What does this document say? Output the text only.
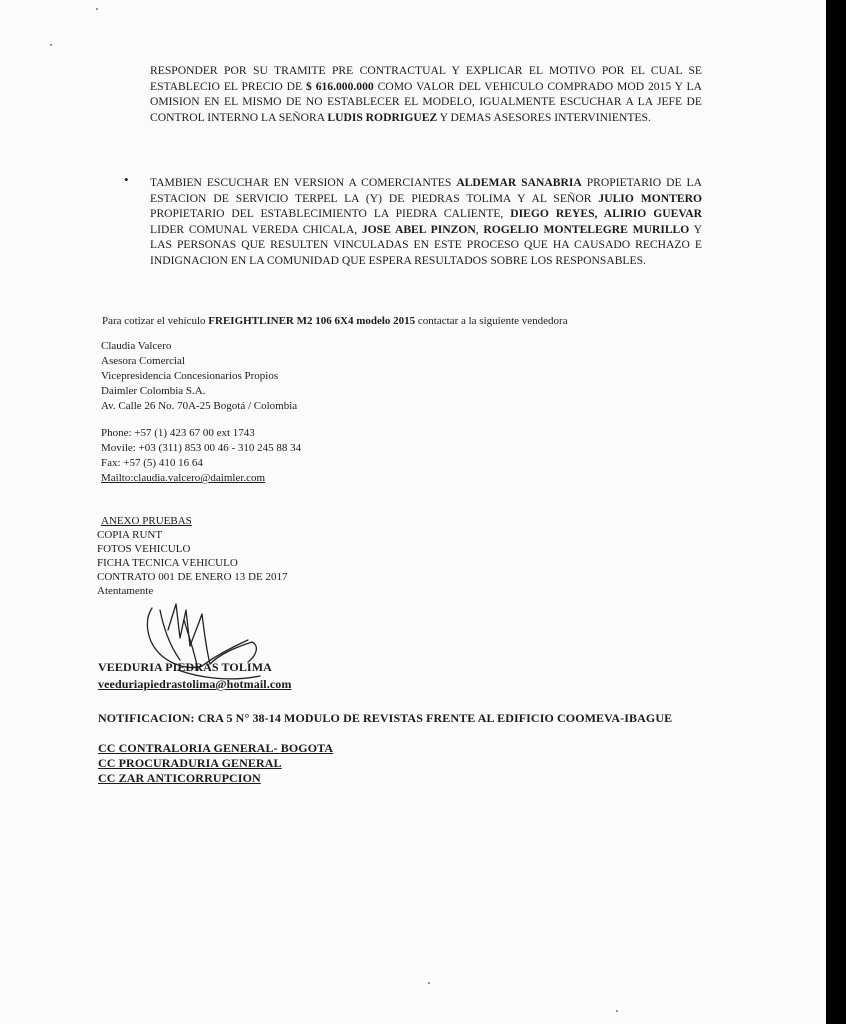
RESPONDER POR SU TRAMITE PRE CONTRACTUAL Y EXPLICAR EL MOTIVO POR EL CUAL SE ESTABLECIO EL PRECIO DE $ 616.000.000 COMO VALOR DEL VEHICULO COMPRADO MOD 2015 Y LA OMISION EN EL MISMO DE NO ESTABLECER EL MODELO, IGUALMENTE ESCUCHAR A LA JEFE DE CONTROL INTERNO LA SEÑORA LUDIS RODRIGUEZ Y DEMAS ASESORES INTERVINIENTES.
• TAMBIEN ESCUCHAR EN VERSION A COMERCIANTES ALDEMAR SANABRIA PROPIETARIO DE LA ESTACION DE SERVICIO TERPEL LA (Y) DE PIEDRAS TOLIMA Y AL SEÑOR JULIO MONTERO PROPIETARIO DEL ESTABLECIMIENTO LA PIEDRA CALIENTE, DIEGO REYES, ALIRIO GUEVAR LIDER COMUNAL VEREDA CHICALA, JOSE ABEL PINZON, ROGELIO MONTELEGRE MURILLO Y LAS PERSONAS QUE RESULTEN VINCULADAS EN ESTE PROCESO QUE HA CAUSADO RECHAZO E INDIGNACION EN LA COMUNIDAD QUE ESPERA RESULTADOS SOBRE LOS RESPONSABLES.
Para cotizar el vehículo FREIGHTLINER M2 106 6X4 modelo 2015 contactar a la siguiente vendedora
Claudia Valcero
Asesora Comercial
Vicepresidencia Concesionarios Propios
Daimler Colombia S.A.
Av. Calle 26 No. 70A-25 Bogotá / Colombia
Phone: +57 (1) 423 67 00 ext 1743
Movile: +03 (311) 853 00 46 - 310 245 88 34
Fax: +57 (5) 410 16 64
Mailto:claudia.valcero@daimler.com
ANEXO PRUEBAS
COPIA RUNT
FOTOS VEHICULO
FICHA TECNICA VEHICULO
CONTRATO 001 DE ENERO 13 DE 2017
Atentamente
VEEDURIA PIEDRAS TOLIMA
veeduriapiedrastolima@hotmail.com
NOTIFICACION: CRA 5 N° 38-14 MODULO DE REVISTAS FRENTE AL EDIFICIO COOMEVA-IBAGUE
CC CONTRALORIA GENERAL- BOGOTA
CC PROCURADURIA GENERAL
CC ZAR ANTICORRUPCION
